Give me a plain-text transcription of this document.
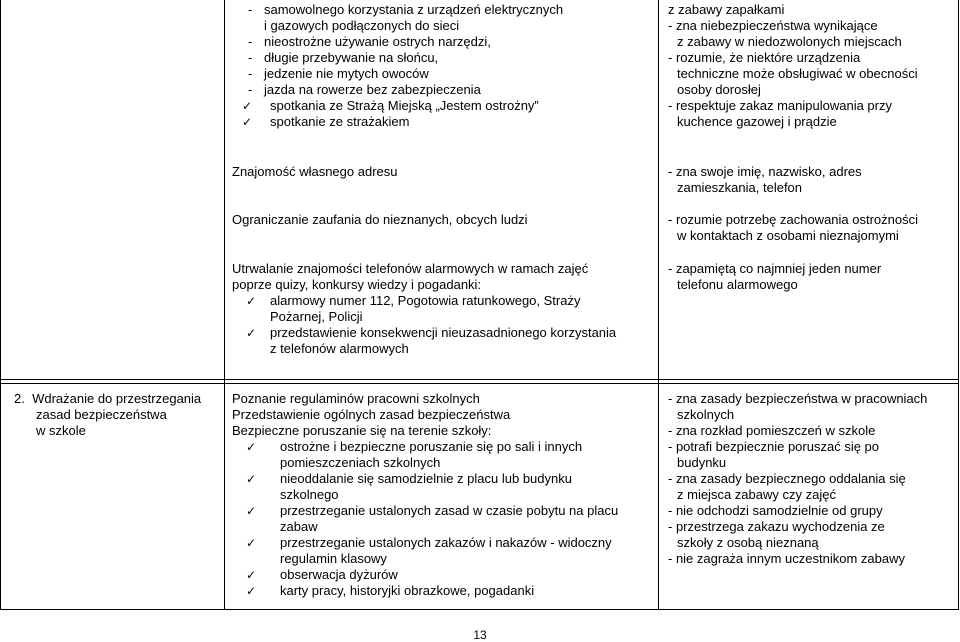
- samowolnego korzystania z urządzeń elektrycznych
i gazowych podłączonych do sieci
- nieostrożne używanie ostrych narzędzi,
- długie przebywanie na słońcu,
- jedzenie nie mytych owoców
- jazda na rowerze bez zabezpieczenia
✓ spotkania ze Strażą Miejską „Jestem ostrożny”
✓ spotkanie ze strażakiem
z zabawy zapałkami
- zna niebezpieczeństwa wynikające
z zabawy w niedozwolonych miejscach
- rozumie, że niektóre urządzenia
techniczne może obsługiwać w obecności
osoby dorosłej
- respektuje zakaz manipulowania przy
kuchence gazowej i prądzie
Znajomość własnego adresu	- zna swoje imię, nazwisko, adres
zamieszkania, telefon
Ograniczanie zaufania do nieznanych, obcych ludzi	- rozumie potrzebę zachowania ostrożności
w kontaktach z osobami nieznajomymi
Utrwalanie znajomości telefonów alarmowych w ramach zajęć
poprze quizy, konkursy wiedzy i pogadanki:
✓ alarmowy numer 112, Pogotowia ratunkowego, Straży
Pożarnej, Policji
✓ przedstawienie konsekwencji nieuzasadnionego korzystania
z telefonów alarmowych
- zapamiętą co najmniej jeden numer
telefonu alarmowego
2.  Wdrażanie do przestrzegania
zasad bezpieczeństwa
w szkole
Poznanie regulaminów pracowni szkolnych
Przedstawienie ogólnych zasad bezpieczeństwa
Bezpieczne poruszanie się na terenie szkoły:
✓ ostrożne i bezpieczne poruszanie się po sali i innych
pomieszczeniach szkolnych
✓ nieoddalanie się samodzielnie z placu lub budynku
szkolnego
✓ przestrzeganie ustalonych zasad w czasie pobytu na placu
zabaw
✓ przestrzeganie ustalonych zakazów i nakazów - widoczny
regulamin klasowy
✓ obserwacja dyżurów
✓ karty pracy, historyjki obrazkowe, pogadanki
- zna zasady bezpieczeństwa w pracowniach
szkolnych
- zna rozkład pomieszczeń w szkole
- potrafi bezpiecznie poruszać się po
budynku
- zna zasady bezpiecznego oddalania się
z miejsca zabawy czy zajęć
- nie odchodzi samodzielnie od grupy
- przestrzega zakazu wychodzenia ze
szkoły z osobą nieznaną
- nie zagraża innym uczestnikom zabawy
13
